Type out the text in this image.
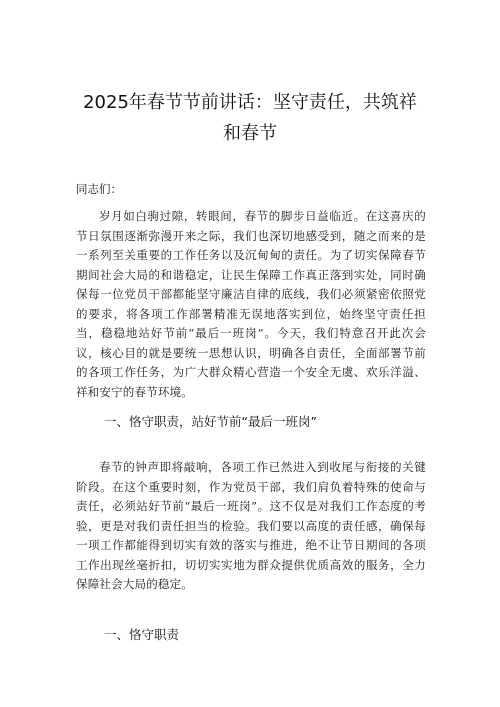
2025年春节节前讲话：坚守责任，共筑祥
和春节
同志们：
岁月如白驹过隙，转眼间，春节的脚步日益临近。在这喜庆的节日氛围逐渐弥漫开来之际，我们也深切地感受到，随之而来的是一系列至关重要的工作任务以及沉甸甸的责任。为了切实保障春节期间社会大局的和谐稳定，让民生保障工作真正落到实处，同时确保每一位党员干部都能坚守廉洁自律的底线，我们必须紧密依照党的要求，将各项工作部署精准无误地落实到位，始终坚守责任担当，稳稳地站好节前“最后一班岗”。今天，我们特意召开此次会议，核心目的就是要统一思想认识，明确各自责任，全面部署节前的各项工作任务，为广大群众精心营造一个安全无虞、欢乐洋溢、祥和安宁的春节环境。
一、恪守职责，站好节前“最后一班岗”
春节的钟声即将敲响，各项工作已然进入到收尾与衔接的关键阶段。在这个重要时刻，作为党员干部，我们肩负着特殊的使命与责任，必须站好节前“最后一班岗”。这不仅是对我们工作态度的考验，更是对我们责任担当的检验。我们要以高度的责任感，确保每一项工作都能得到切实有效的落实与推进，绝不让节日期间的各项工作出现丝毫折扣，切切实实地为群众提供优质高效的服务，全力保障社会大局的稳定。
一、恪守职责
